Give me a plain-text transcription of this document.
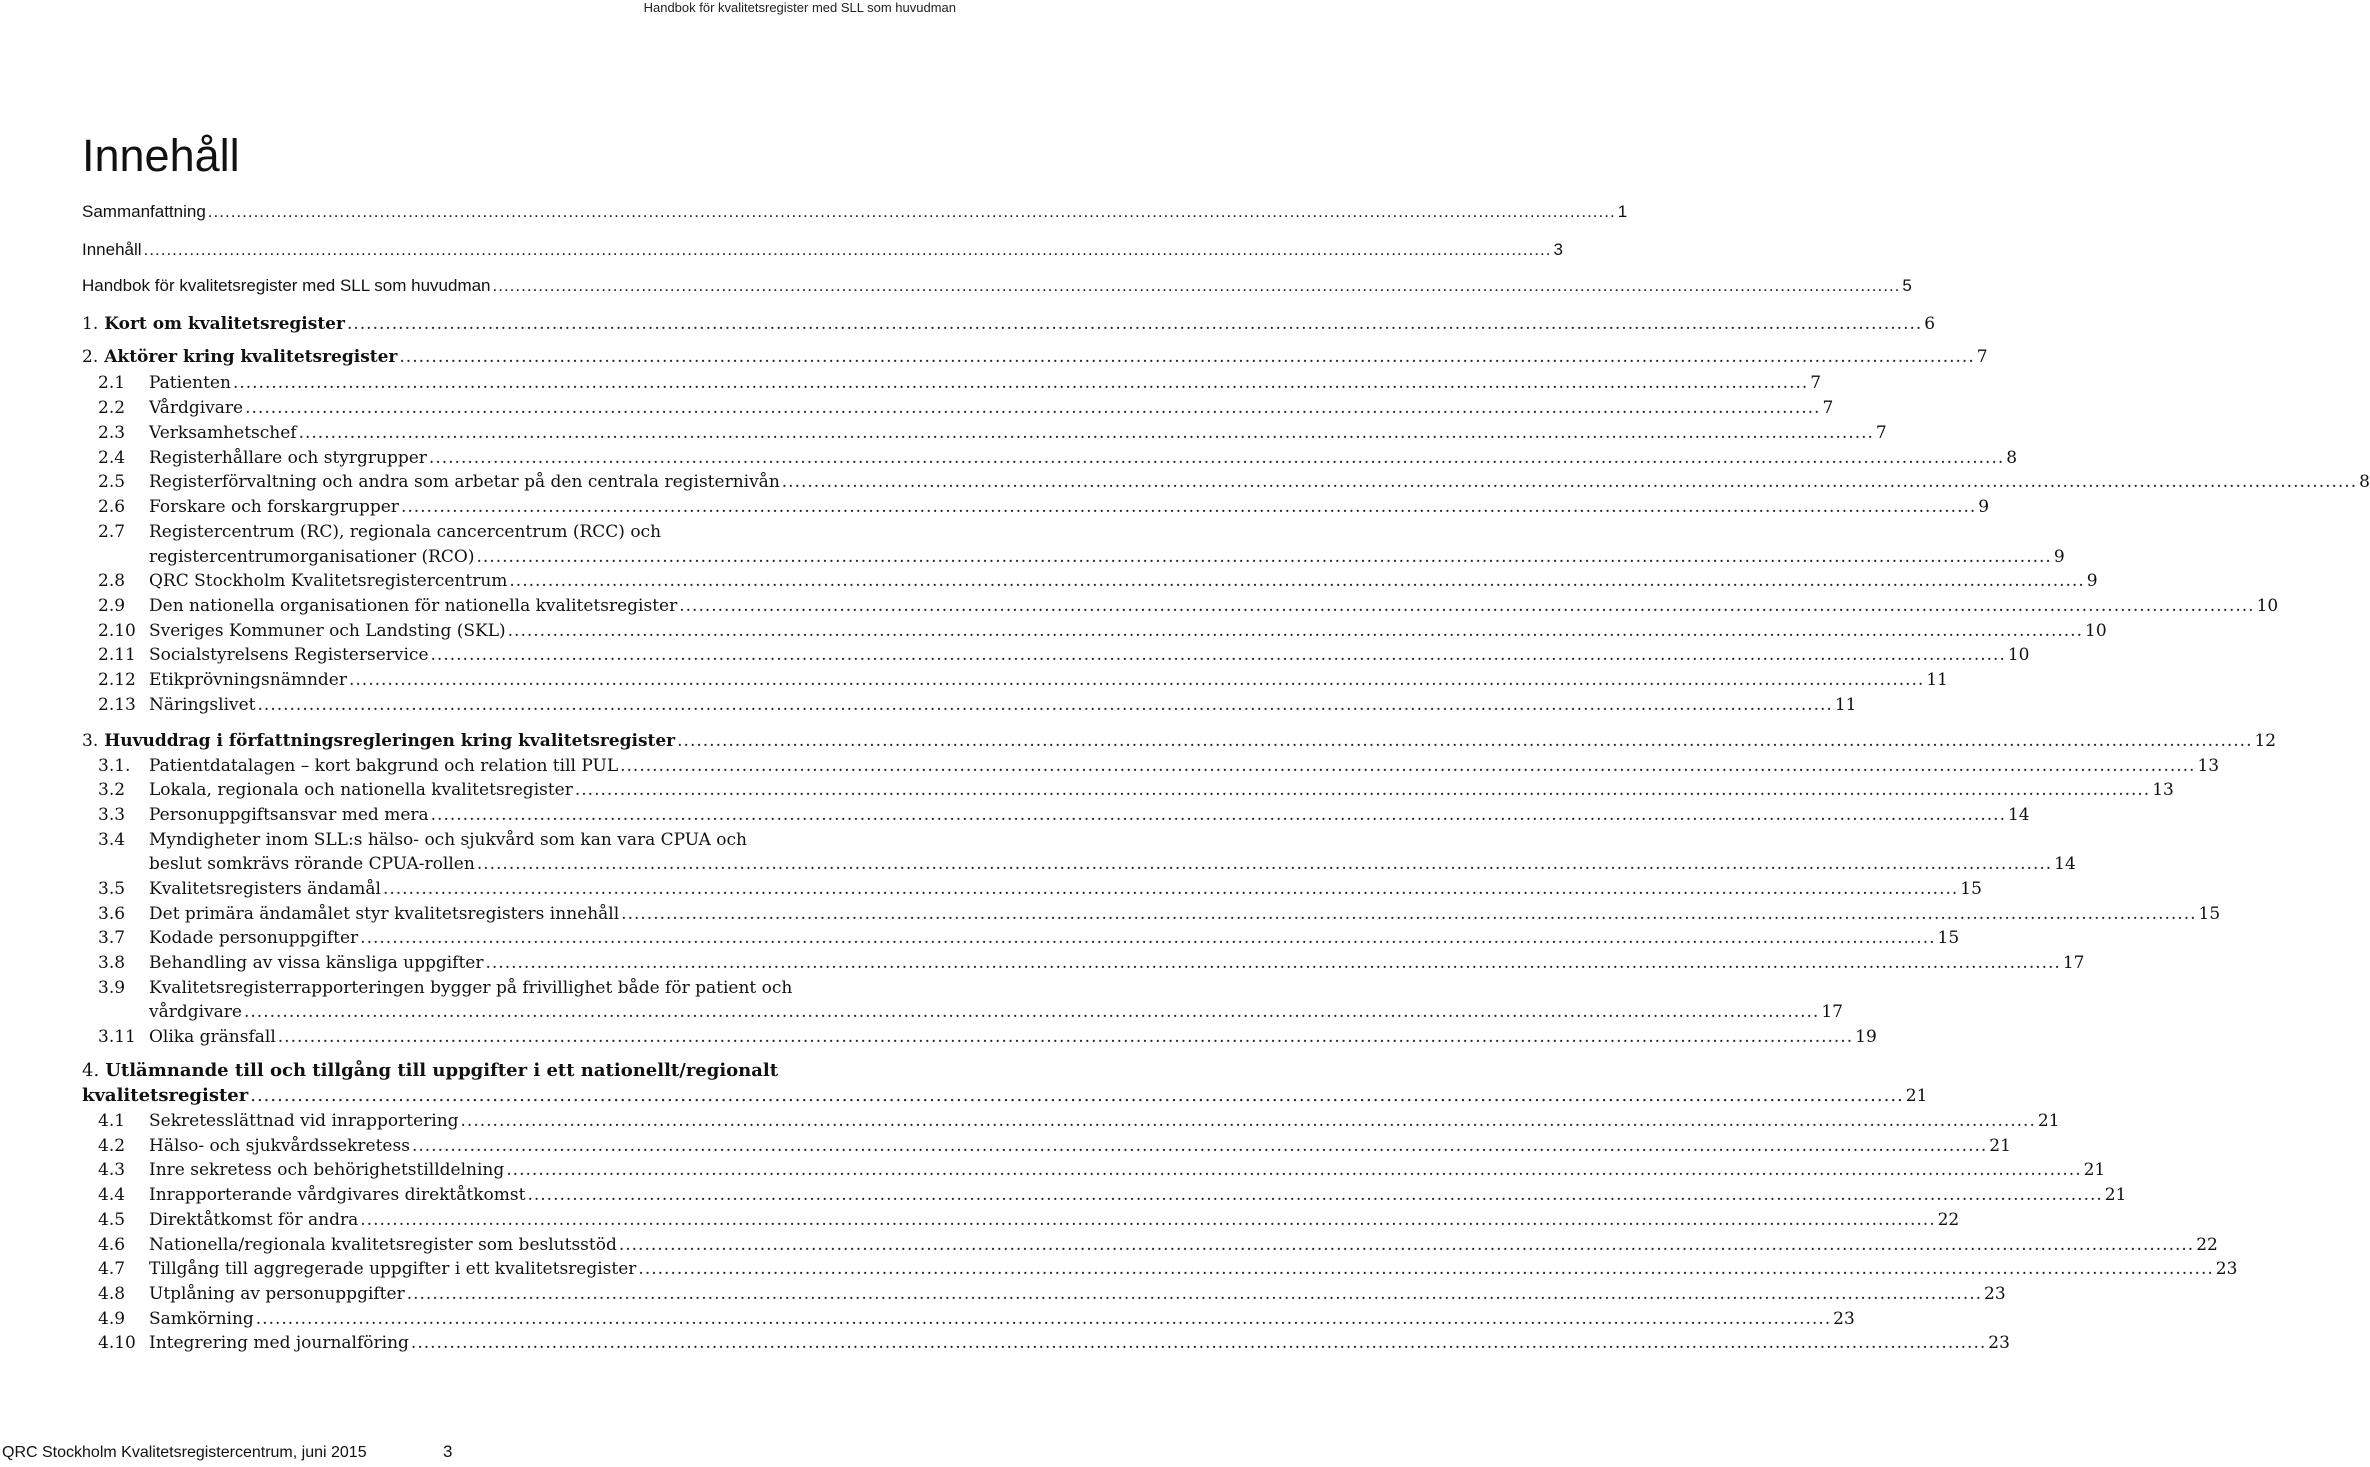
Handbok för kvalitetsregister med SLL som huvudman
Innehåll
Sammanfattning .....	1
Innehåll .....	3
Handbok för kvalitetsregister med SLL som huvudman .....	5
1. Kort om kvalitetsregister .....	6
2. Aktörer kring kvalitetsregister .....	7
2.1	Patienten .....	7
2.2	Vårdgivare .....	7
2.3	Verksamhetschef .....	7
2.4	Registerhållare och styrgrupper .....	8
2.5	Registerförvaltning och andra som arbetar på den centrala registernivån .....	8
2.6	Forskare och forskargrupper .....	9
2.7	Registercentrum (RC), regionala cancercentrum (RCC) och
registercentrumorganisationer (RCO) .....	9
2.8	QRC Stockholm Kvalitetsregistercentrum .....	9
2.9	Den nationella organisationen för nationella kvalitetsregister .....	10
2.10 Sveriges Kommuner och Landsting (SKL) .....	10
2.11 Socialstyrelsens Registerservice .....	10
2.12 Etikprövningsnämnder .....	11
2.13 Näringslivet .....	11
3. Huvuddrag i författningsregleringen kring kvalitetsregister .....	12
3.1.	Patientdatalagen – kort bakgrund och relation till PUL .....	13
3.2	Lokala, regionala och nationella kvalitetsregister .....	13
3.3	Personuppgiftsansvar med mera .....	14
3.4	Myndigheter inom SLL:s hälso- och sjukvård som kan vara CPUA och
beslut somkrävs rörande CPUA-rollen .....	14
3.5	Kvalitetsregisters ändamål .....	15
3.6	Det primära ändamålet styr kvalitetsregisters innehåll .....	15
3.7	Kodade personuppgifter .....	15
3.8	Behandling av vissa känsliga uppgifter .....	17
3.9	Kvalitetsregisterrapporteringen bygger på frivillighet både för patient och
vårdgivare .....	17
3.11 Olika gränsfall .....	19
4. Utlämnande till och tillgång till uppgifter i ett nationellt/regionalt
kvalitetsregister .....	21
4.1	Sekretesslättnad vid inrapportering .....	21
4.2	Hälso- och sjukvårdssekretess .....	21
4.3	Inre sekretess och behörighetstilldelning .....	21
4.4	Inrapporterande vårdgivares direktåtkomst .....	21
4.5	Direktåtkomst för andra .....	22
4.6	Nationella/regionala kvalitetsregister som beslutsstöd .....	22
4.7	Tillgång till aggregerade uppgifter i ett kvalitetsregister .....	23
4.8	Utplåning av personuppgifter .....	23
4.9	Samkörning .....	23
4.10 Integrering med journalföring .....	23
QRC Stockholm Kvalitetsregistercentrum, juni 2015	3
